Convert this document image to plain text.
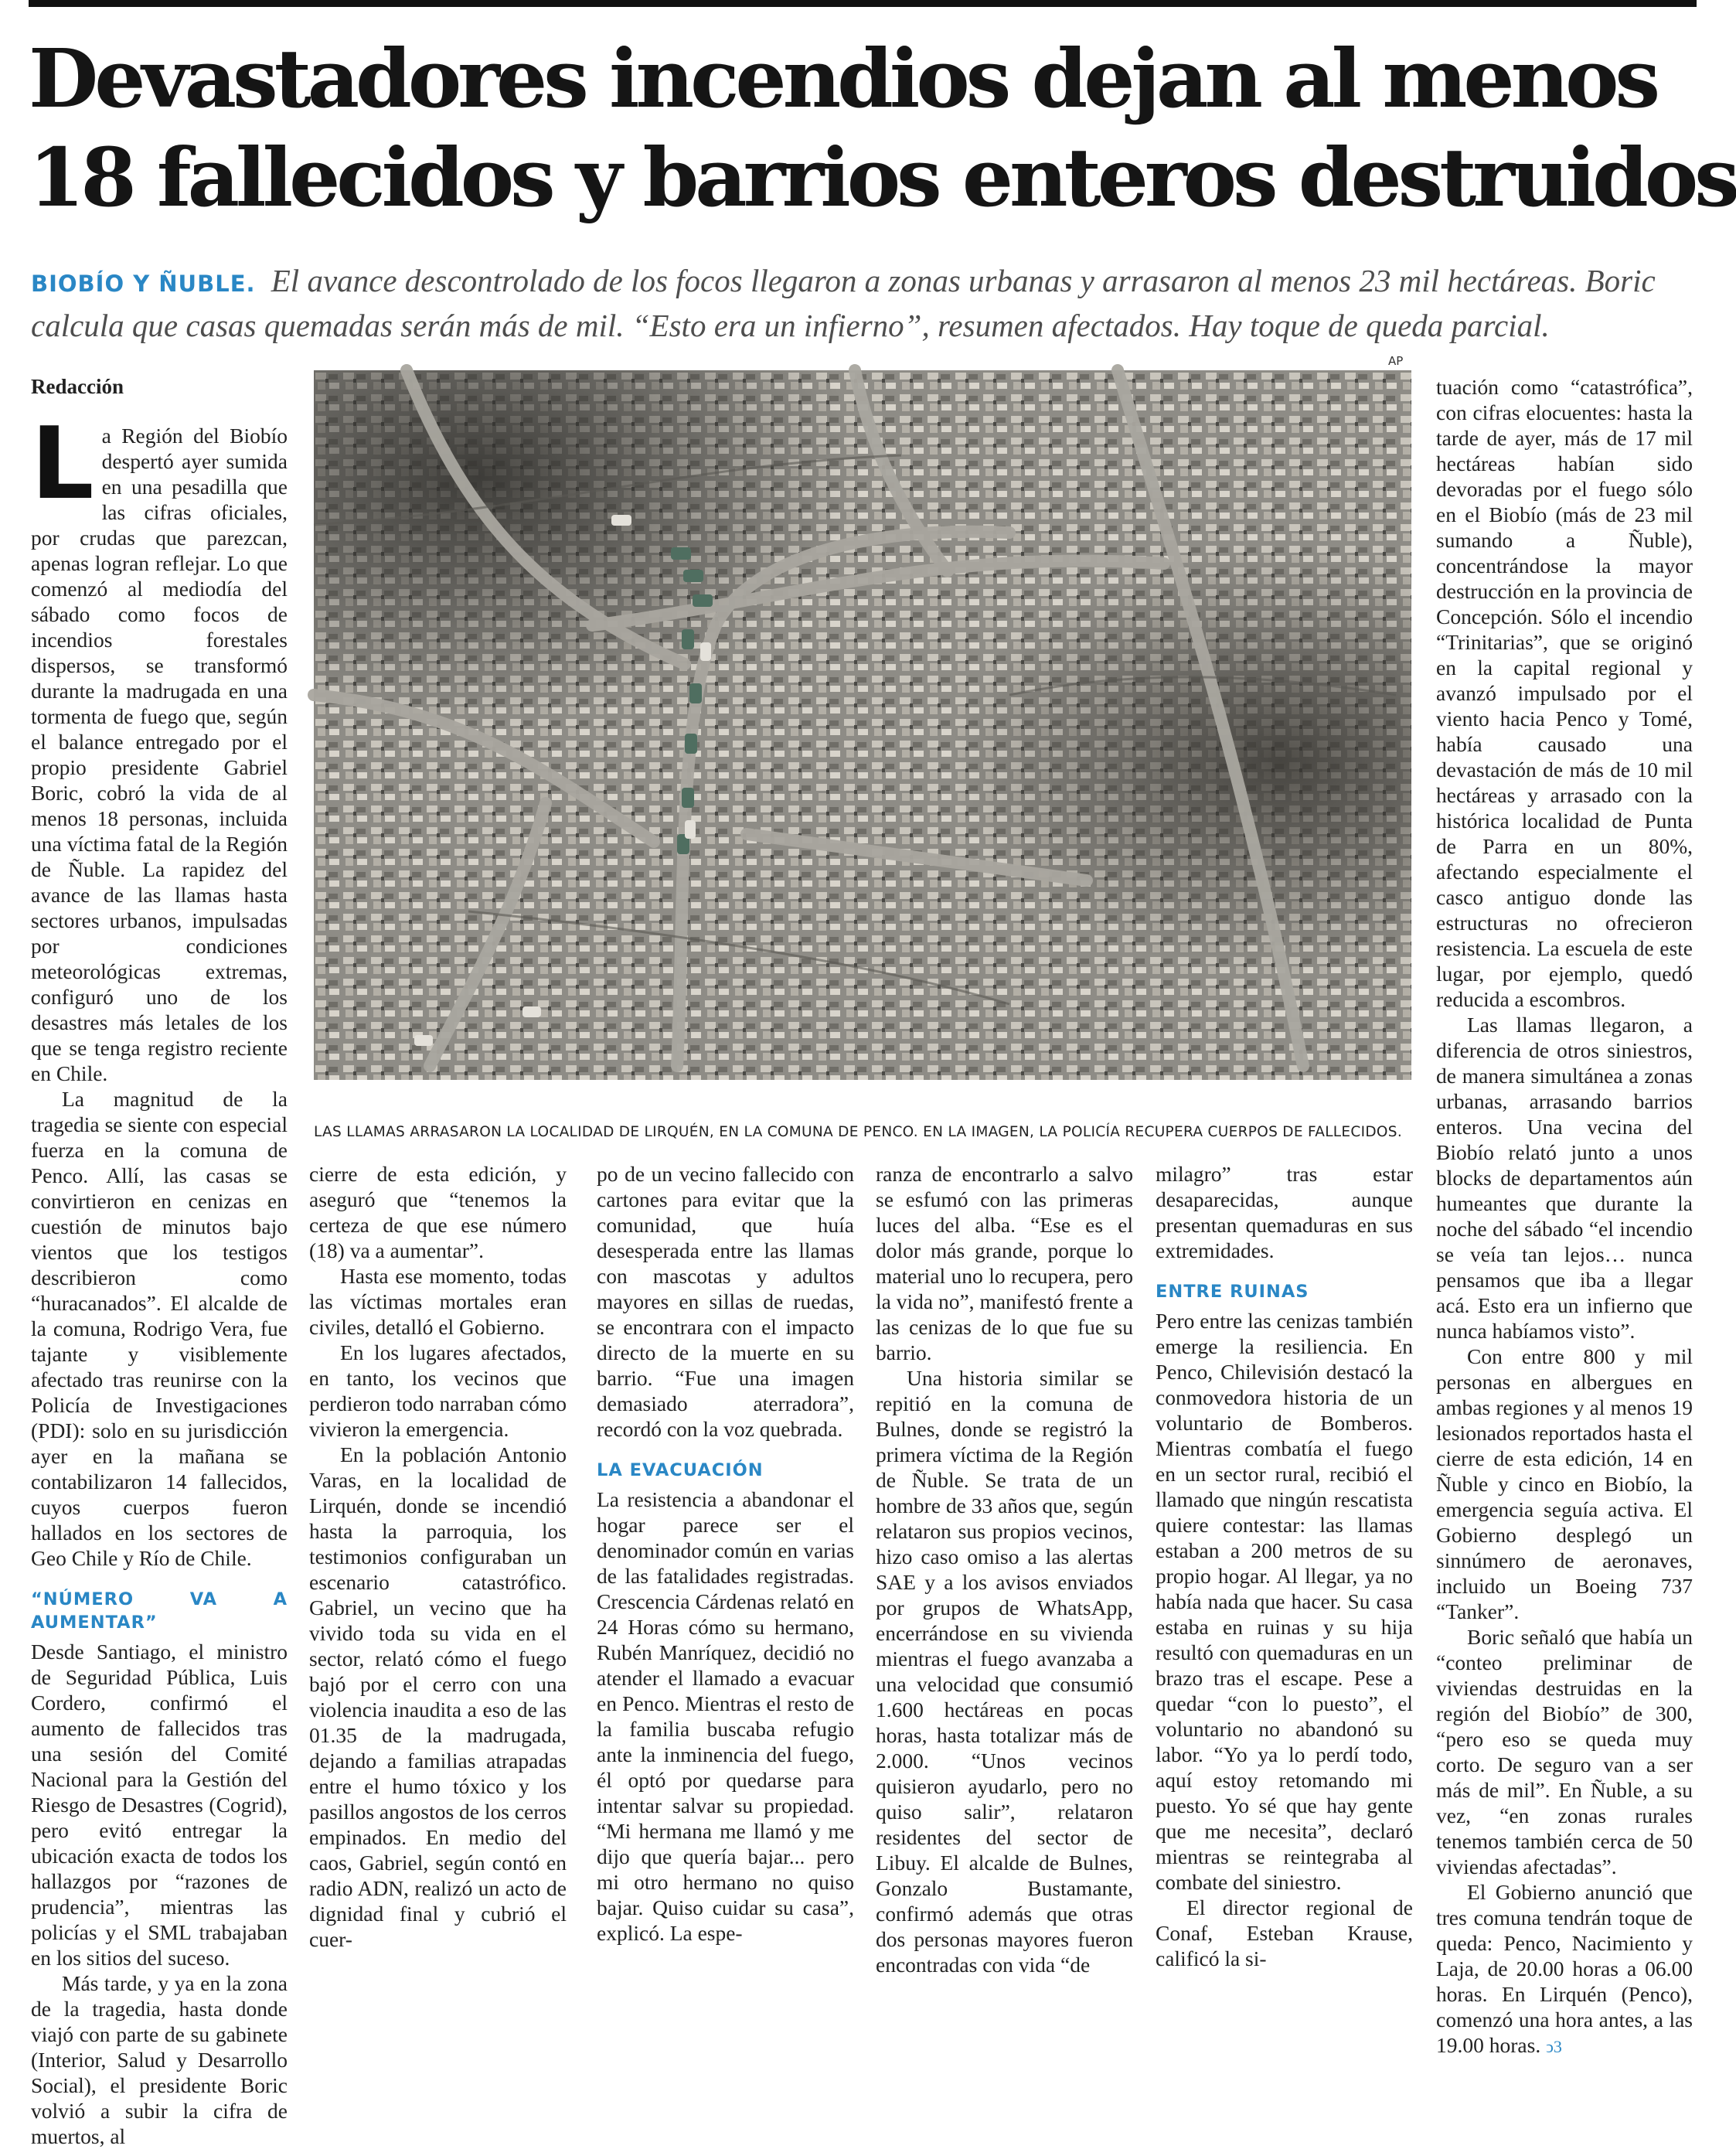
Devastadores incendios dejan al menos
18 fallecidos y barrios enteros destruidos
BIOBÍO Y ÑUBLE. El avance descontrolado de los focos llegaron a zonas urbanas y arrasaron al menos 23 mil hectáreas. Boric calcula que casas quemadas serán más de mil. “Esto era un infierno”, resumen afectados. Hay toque de queda parcial.

Redacción

La Región del Biobío despertó ayer sumida en una pesadilla que las cifras oficiales, por crudas que parezcan, apenas logran reflejar. Lo que comenzó al mediodía del sábado como focos de incendios forestales dispersos, se transformó durante la madrugada en una tormenta de fuego que, según el balance entregado por el propio presidente Gabriel Boric, cobró la vida de al menos 18 personas, incluida una víctima fatal de la Región de Ñuble. La rapidez del avance de las llamas hasta sectores urbanos, impulsadas por condiciones meteorológicas extremas, configuró uno de los desastres más letales de los que se tenga registro reciente en Chile.

La magnitud de la tragedia se siente con especial fuerza en la comuna de Penco. Allí, las casas se convirtieron en cenizas en cuestión de minutos bajo vientos que los testigos describieron como “huracanados”. El alcalde de la comuna, Rodrigo Vera, fue tajante y visiblemente afectado tras reunirse con la Policía de Investigaciones (PDI): solo en su jurisdicción ayer en la mañana se contabilizaron 14 fallecidos, cuyos cuerpos fueron hallados en los sectores de Geo Chile y Río de Chile.

“NÚMERO VA A AUMENTAR”

Desde Santiago, el ministro de Seguridad Pública, Luis Cordero, confirmó el aumento de fallecidos tras una sesión del Comité Nacional para la Gestión del Riesgo de Desastres (Cogrid), pero evitó entregar la ubicación exacta de todos los hallazgos por “razones de prudencia”, mientras las policías y el SML trabajaban en los sitios del suceso.

Más tarde, y ya en la zona de la tragedia, hasta donde viajó con parte de su gabinete (Interior, Salud y Desarrollo Social), el presidente Boric volvió a subir la cifra de muertos, al

AP
LAS LLAMAS ARRASARON LA LOCALIDAD DE LIRQUÉN, EN LA COMUNA DE PENCO. EN LA IMAGEN, LA POLICÍA RECUPERA CUERPOS DE FALLECIDOS.

cierre de esta edición, y aseguró que “tenemos la certeza de que ese número (18) va a aumentar”.

Hasta ese momento, todas las víctimas mortales eran civiles, detalló el Gobierno.

En los lugares afectados, en tanto, los vecinos que perdieron todo narraban cómo vivieron la emergencia.

En la población Antonio Varas, en la localidad de Lirquén, donde se incendió hasta la parroquia, los testimonios configuraban un escenario catastrófico. Gabriel, un vecino que ha vivido toda su vida en el sector, relató cómo el fuego bajó por el cerro con una violencia inaudita a eso de las 01.35 de la madrugada, dejando a familias atrapadas entre el humo tóxico y los pasillos angostos de los cerros empinados. En medio del caos, Gabriel, según contó en radio ADN, realizó un acto de dignidad final y cubrió el cuer-

po de un vecino fallecido con cartones para evitar que la comunidad, que huía desesperada entre las llamas con mascotas y adultos mayores en sillas de ruedas, se encontrara con el impacto directo de la muerte en su barrio. “Fue una imagen demasiado aterradora”, recordó con la voz quebrada.

LA EVACUACIÓN

La resistencia a abandonar el hogar parece ser el denominador común en varias de las fatalidades registradas. Crescencia Cárdenas relató en 24 Horas cómo su hermano, Rubén Manríquez, decidió no atender el llamado a evacuar en Penco. Mientras el resto de la familia buscaba refugio ante la inminencia del fuego, él optó por quedarse para intentar salvar su propiedad. “Mi hermana me llamó y me dijo que quería bajar... pero mi otro hermano no quiso bajar. Quiso cuidar su casa”, explicó. La espe-

ranza de encontrarlo a salvo se esfumó con las primeras luces del alba. “Ese es el dolor más grande, porque lo material uno lo recupera, pero la vida no”, manifestó frente a las cenizas de lo que fue su barrio.

Una historia similar se repitió en la comuna de Bulnes, donde se registró la primera víctima de la Región de Ñuble. Se trata de un hombre de 33 años que, según relataron sus propios vecinos, hizo caso omiso a las alertas SAE y a los avisos enviados por grupos de WhatsApp, encerrándose en su vivienda mientras el fuego avanzaba a una velocidad que consumió 1.600 hectáreas en pocas horas, hasta totalizar más de 2.000. “Unos vecinos quisieron ayudarlo, pero no quiso salir”, relataron residentes del sector de Libuy. El alcalde de Bulnes, Gonzalo Bustamante, confirmó además que otras dos personas mayores fueron encontradas con vida “de

milagro” tras estar desaparecidas, aunque presentan quemaduras en sus extremidades.

ENTRE RUINAS

Pero entre las cenizas también emerge la resiliencia. En Penco, Chilevisión destacó la conmovedora historia de un voluntario de Bomberos. Mientras combatía el fuego en un sector rural, recibió el llamado que ningún rescatista quiere contestar: las llamas estaban a 200 metros de su propio hogar. Al llegar, ya no había nada que hacer. Su casa estaba en ruinas y su hija resultó con quemaduras en un brazo tras el escape. Pese a quedar “con lo puesto”, el voluntario no abandonó su labor. “Yo ya lo perdí todo, aquí estoy retomando mi puesto. Yo sé que hay gente que me necesita”, declaró mientras se reintegraba al combate del siniestro.

El director regional de Conaf, Esteban Krause, calificó la si-

tuación como “catastrófica”, con cifras elocuentes: hasta la tarde de ayer, más de 17 mil hectáreas habían sido devoradas por el fuego sólo en el Biobío (más de 23 mil sumando a Ñuble), concentrándose la mayor destrucción en la provincia de Concepción. Sólo el incendio “Trinitarias”, que se originó en la capital regional y avanzó impulsado por el viento hacia Penco y Tomé, había causado una devastación de más de 10 mil hectáreas y arrasado con la histórica localidad de Punta de Parra en un 80%, afectando especialmente el casco antiguo donde las estructuras no ofrecieron resistencia. La escuela de este lugar, por ejemplo, quedó reducida a escombros.

Las llamas llegaron, a diferencia de otros siniestros, de manera simultánea a zonas urbanas, arrasando barrios enteros. Una vecina del Biobío relató junto a unos blocks de departamentos aún humeantes que durante la noche del sábado “el incendio se veía tan lejos… nunca pensamos que iba a llegar acá. Esto era un infierno que nunca habíamos visto”.

Con entre 800 y mil personas en albergues en ambas regiones y al menos 19 lesionados reportados hasta el cierre de esta edición, 14 en Ñuble y cinco en Biobío, la emergencia seguía activa. El Gobierno desplegó un sinnúmero de aeronaves, incluido un Boeing 737 “Tanker”.

Boric señaló que había un “conteo preliminar de viviendas destruidas en la región del Biobío” de 300, “pero eso se queda muy corto. De seguro van a ser más de mil”. En Ñuble, a su vez, “en zonas rurales tenemos también cerca de 50 viviendas afectadas”.

El Gobierno anunció que tres comuna tendrán toque de queda: Penco, Nacimiento y Laja, de 20.00 horas a 06.00 horas. En Lirquén (Penco), comenzó una hora antes, a las 19.00 horas. ↄ3
